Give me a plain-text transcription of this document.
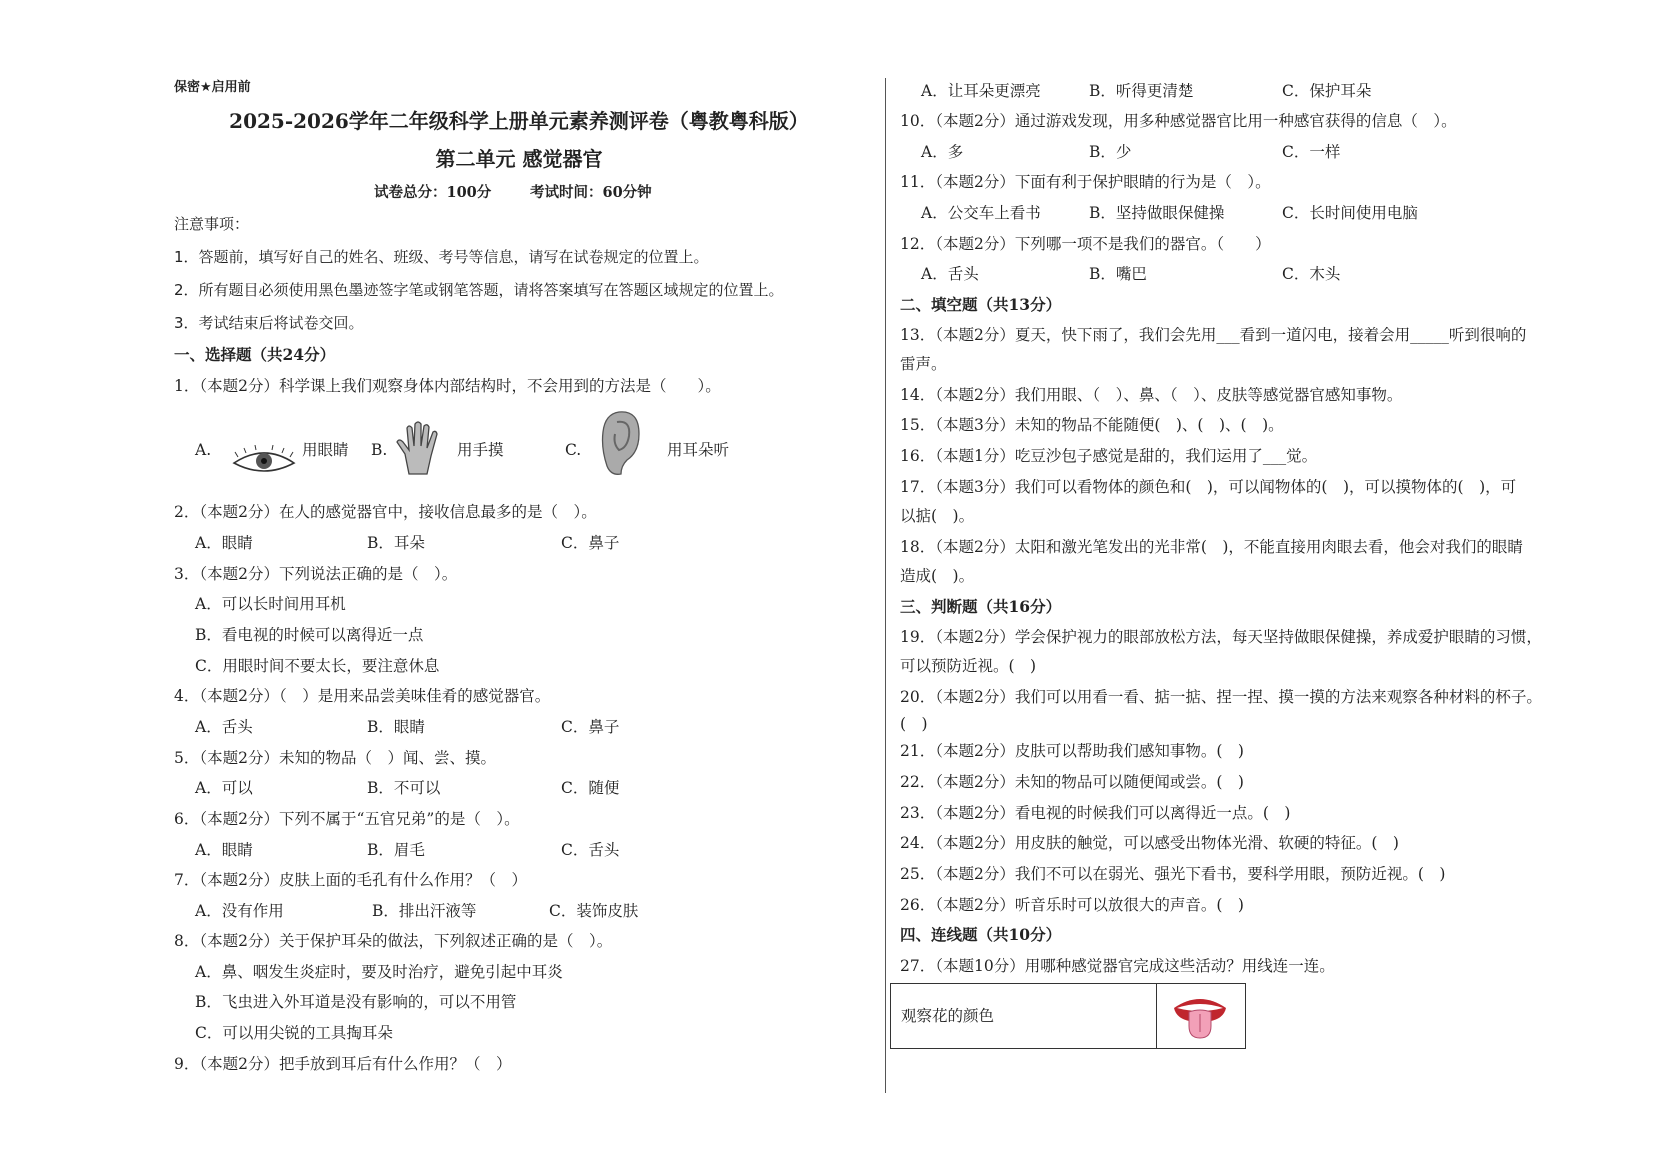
保密★启用前
2025-2026学年二年级科学上册单元素养测评卷（粤教粤科版）
第二单元 感觉器官
试卷总分：100分	考试时间：60分钟
注意事项：
1．答题前，填写好自己的姓名、班级、考号等信息，请写在试卷规定的位置上。
2．所有题目必须使用黑色墨迹签字笔或钢笔答题，请将答案填写在答题区域规定的位置上。
3．考试结束后将试卷交回。
一、选择题（共24分）
1．（本题2分）科学课上我们观察身体内部结构时，不会用到的方法是（　　）。
A.	用眼睛 B.	用手摸	C.	用耳朵听
2．（本题2分）在人的感觉器官中，接收信息最多的是（　）。
A．眼睛	B．耳朵	C．鼻子
3．（本题2分）下列说法正确的是（　）。
A．可以长时间用耳机
B．看电视的时候可以离得近一点
C．用眼时间不要太长，要注意休息
4．（本题2分）（　）是用来品尝美味佳肴的感觉器官。
A．舌头	B．眼睛	C．鼻子
5．（本题2分）未知的物品（　）闻、尝、摸。
A．可以	B．不可以	C．随便
6．（本题2分）下列不属于“五官兄弟”的是（　）。
A．眼睛	B．眉毛	C．舌头
7．（本题2分）皮肤上面的毛孔有什么作用？（　）
A．没有作用	B．排出汗液等	C．装饰皮肤
8．（本题2分）关于保护耳朵的做法，下列叙述正确的是（　）。
A．鼻、咽发生炎症时，要及时治疗，避免引起中耳炎
B．飞虫进入外耳道是没有影响的，可以不用管
C．可以用尖锐的工具掏耳朵
9．（本题2分）把手放到耳后有什么作用？（　）
A．让耳朵更漂亮	B．听得更清楚	C．保护耳朵
10．（本题2分）通过游戏发现，用多种感觉器官比用一种感官获得的信息（　）。
A．多	B．少	C．一样
11．（本题2分）下面有利于保护眼睛的行为是（　）。
A．公交车上看书	B．坚持做眼保健操	C．长时间使用电脑
12．（本题2分）下列哪一项不是我们的器官。（　　）
A．舌头	B．嘴巴	C．木头
二、填空题（共13分）
13．（本题2分）夏天，快下雨了，我们会先用___看到一道闪电，接着会用_____听到很响的
雷声。
14．（本题2分）我们用眼、（　）、鼻、（　）、皮肤等感觉器官感知事物。
15．（本题3分）未知的物品不能随便(　)、(　)、(　)。
16．（本题1分）吃豆沙包子感觉是甜的，我们运用了___觉。
17．（本题3分）我们可以看物体的颜色和(　)，可以闻物体的(　)，可以摸物体的(　)，可
以掂(　)。
18．（本题2分）太阳和激光笔发出的光非常(　)，不能直接用肉眼去看，他会对我们的眼睛
造成(　)。
三、判断题（共16分）
19．（本题2分）学会保护视力的眼部放松方法，每天坚持做眼保健操，养成爱护眼睛的习惯，
可以预防近视。(　)
20．（本题2分）我们可以用看一看、掂一掂、捏一捏、摸一摸的方法来观察各种材料的杯子。
(　)
21．（本题2分）皮肤可以帮助我们感知事物。(　)
22．（本题2分）未知的物品可以随便闻或尝。(　)
23．（本题2分）看电视的时候我们可以离得近一点。(　)
24．（本题2分）用皮肤的触觉，可以感受出物体光滑、软硬的特征。(　)
25．（本题2分）我们不可以在弱光、强光下看书，要科学用眼，预防近视。(　)
26．（本题2分）听音乐时可以放很大的声音。(　)
四、连线题（共10分）
27．（本题10分）用哪种感觉器官完成这些活动？用线连一连。
观察花的颜色
